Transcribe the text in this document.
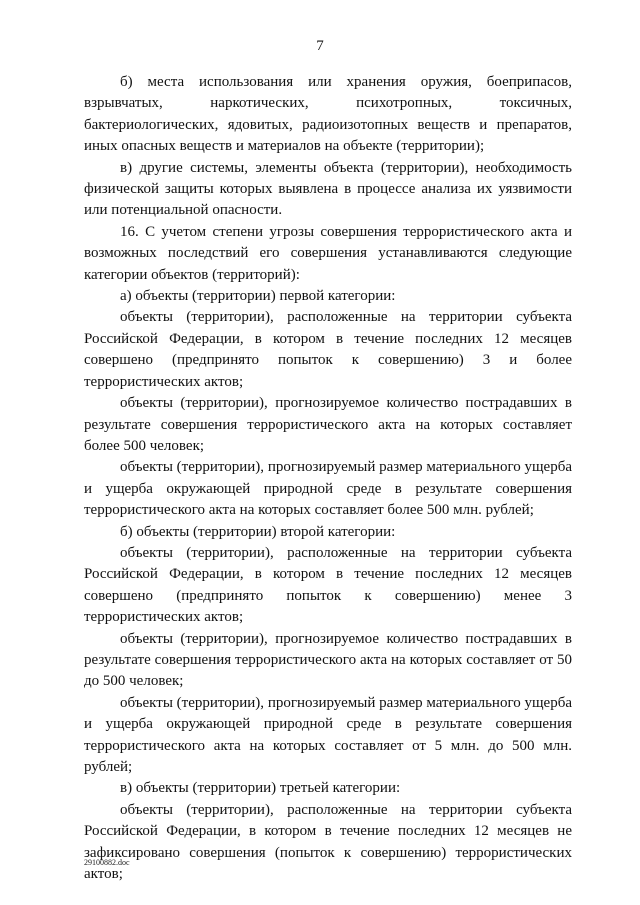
7

б) места использования или хранения оружия, боеприпасов, взрывчатых, наркотических, психотропных, токсичных, бактериологических, ядовитых, радиоизотопных веществ и препаратов, иных опасных веществ и материалов на объекте (территории);

в) другие системы, элементы объекта (территории), необходимость физической защиты которых выявлена в процессе анализа их уязвимости или потенциальной опасности.

16. С учетом степени угрозы совершения террористического акта и возможных последствий его совершения устанавливаются следующие категории объектов (территорий):

а) объекты (территории) первой категории:

объекты (территории), расположенные на территории субъекта Российской Федерации, в котором в течение последних 12 месяцев совершено (предпринято попыток к совершению) 3 и более террористических актов;

объекты (территории), прогнозируемое количество пострадавших в результате совершения террористического акта на которых составляет более 500 человек;

объекты (территории), прогнозируемый размер материального ущерба и ущерба окружающей природной среде в результате совершения террористического акта на которых составляет более 500 млн. рублей;

б) объекты (территории) второй категории:

объекты (территории), расположенные на территории субъекта Российской Федерации, в котором в течение последних 12 месяцев совершено (предпринято попыток к совершению) менее 3 террористических актов;

объекты (территории), прогнозируемое количество пострадавших в результате совершения террористического акта на которых составляет от 50 до 500 человек;

объекты (территории), прогнозируемый размер материального ущерба и ущерба окружающей природной среде в результате совершения террористического акта на которых составляет от 5 млн. до 500 млн. рублей;

в) объекты (территории) третьей категории:

объекты (территории), расположенные на территории субъекта Российской Федерации, в котором в течение последних 12 месяцев не зафиксировано совершения (попыток к совершению) террористических актов;

29100882.doc
